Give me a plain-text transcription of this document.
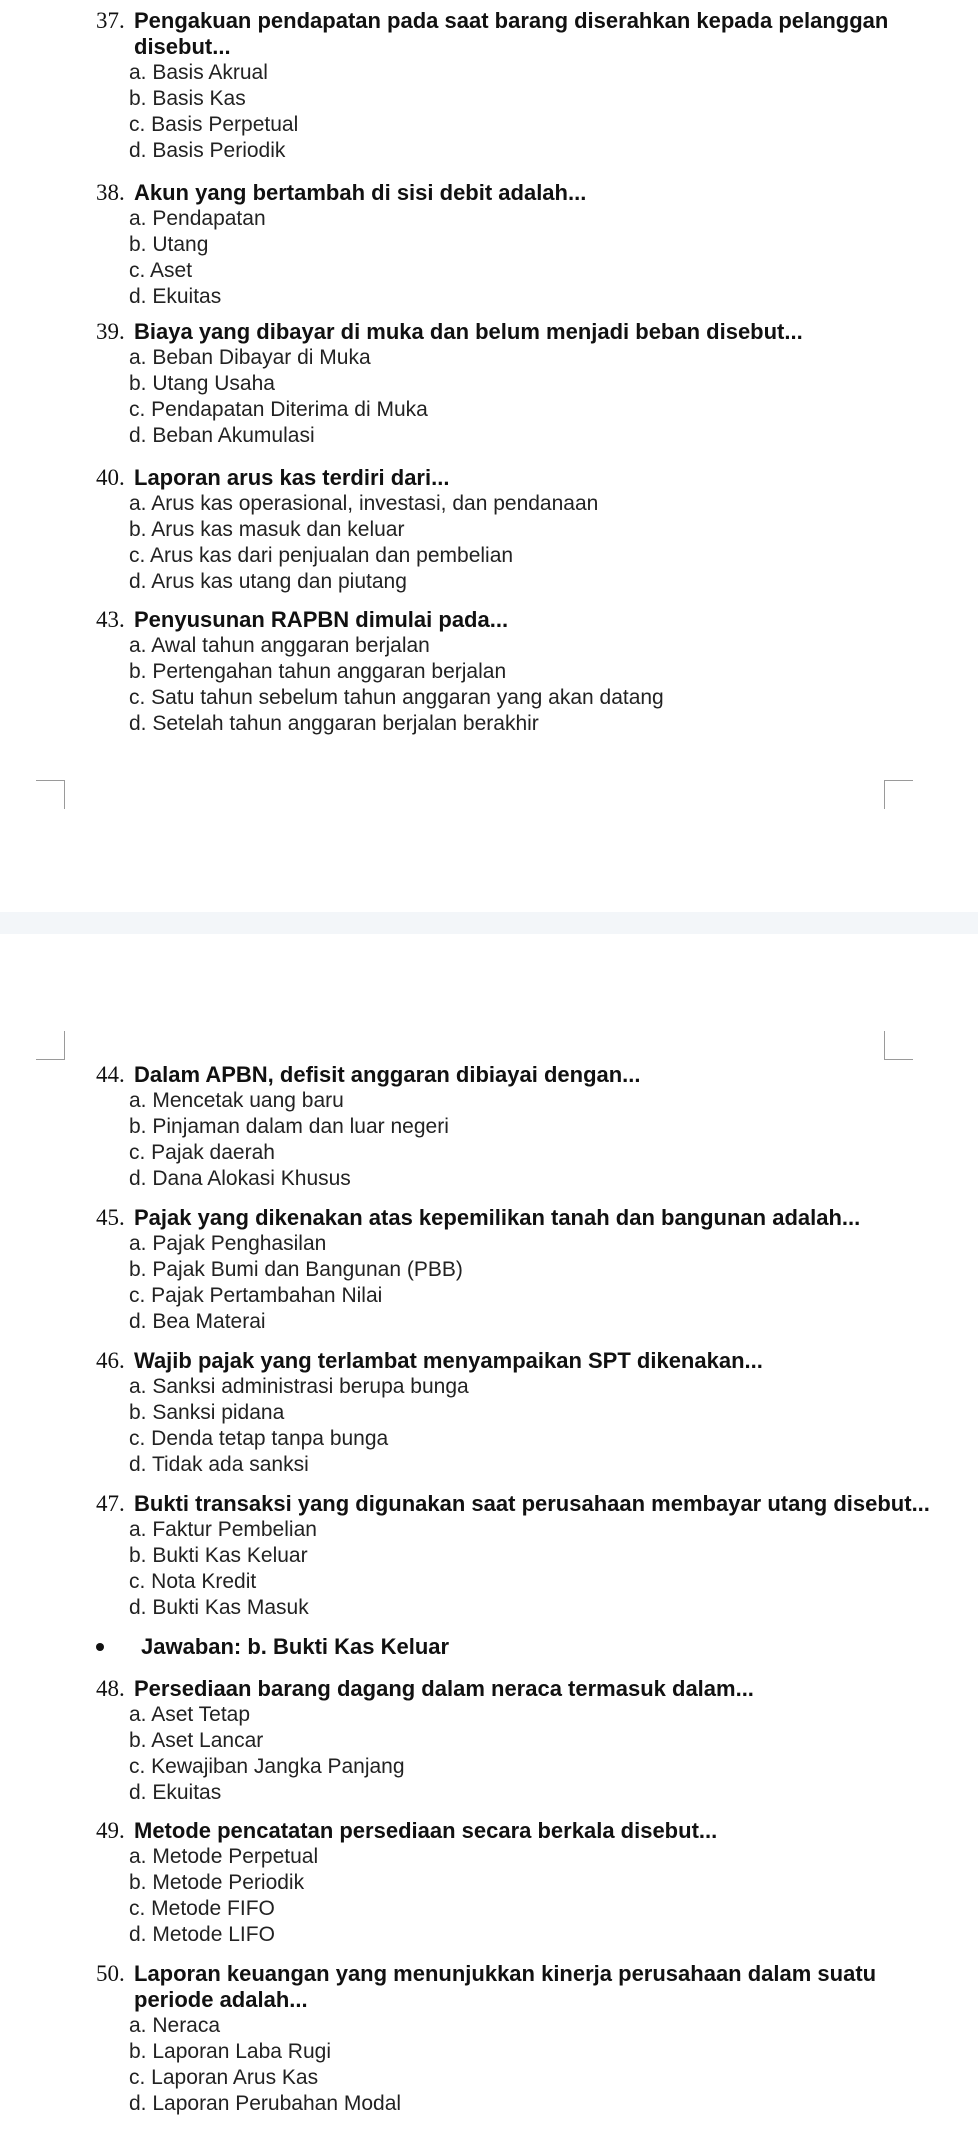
37. Pengakuan pendapatan pada saat barang diserahkan kepada pelanggan
disebut...
a. Basis Akrual
b. Basis Kas
c. Basis Perpetual
d. Basis Periodik
38. Akun yang bertambah di sisi debit adalah...
a. Pendapatan
b. Utang
c. Aset
d. Ekuitas
39. Biaya yang dibayar di muka dan belum menjadi beban disebut...
a. Beban Dibayar di Muka
b. Utang Usaha
c. Pendapatan Diterima di Muka
d. Beban Akumulasi
40. Laporan arus kas terdiri dari...
a. Arus kas operasional, investasi, dan pendanaan
b. Arus kas masuk dan keluar
c. Arus kas dari penjualan dan pembelian
d. Arus kas utang dan piutang
43. Penyusunan RAPBN dimulai pada...
a. Awal tahun anggaran berjalan
b. Pertengahan tahun anggaran berjalan
c. Satu tahun sebelum tahun anggaran yang akan datang
d. Setelah tahun anggaran berjalan berakhir
44. Dalam APBN, defisit anggaran dibiayai dengan...
a. Mencetak uang baru
b. Pinjaman dalam dan luar negeri
c. Pajak daerah
d. Dana Alokasi Khusus
45. Pajak yang dikenakan atas kepemilikan tanah dan bangunan adalah...
a. Pajak Penghasilan
b. Pajak Bumi dan Bangunan (PBB)
c. Pajak Pertambahan Nilai
d. Bea Materai
46. Wajib pajak yang terlambat menyampaikan SPT dikenakan...
a. Sanksi administrasi berupa bunga
b. Sanksi pidana
c. Denda tetap tanpa bunga
d. Tidak ada sanksi
47. Bukti transaksi yang digunakan saat perusahaan membayar utang disebut...
a. Faktur Pembelian
b. Bukti Kas Keluar
c. Nota Kredit
d. Bukti Kas Masuk
Jawaban: b. Bukti Kas Keluar
48. Persediaan barang dagang dalam neraca termasuk dalam...
a. Aset Tetap
b. Aset Lancar
c. Kewajiban Jangka Panjang
d. Ekuitas
49. Metode pencatatan persediaan secara berkala disebut...
a. Metode Perpetual
b. Metode Periodik
c. Metode FIFO
d. Metode LIFO
50. Laporan keuangan yang menunjukkan kinerja perusahaan dalam suatu
periode adalah...
a. Neraca
b. Laporan Laba Rugi
c. Laporan Arus Kas
d. Laporan Perubahan Modal
